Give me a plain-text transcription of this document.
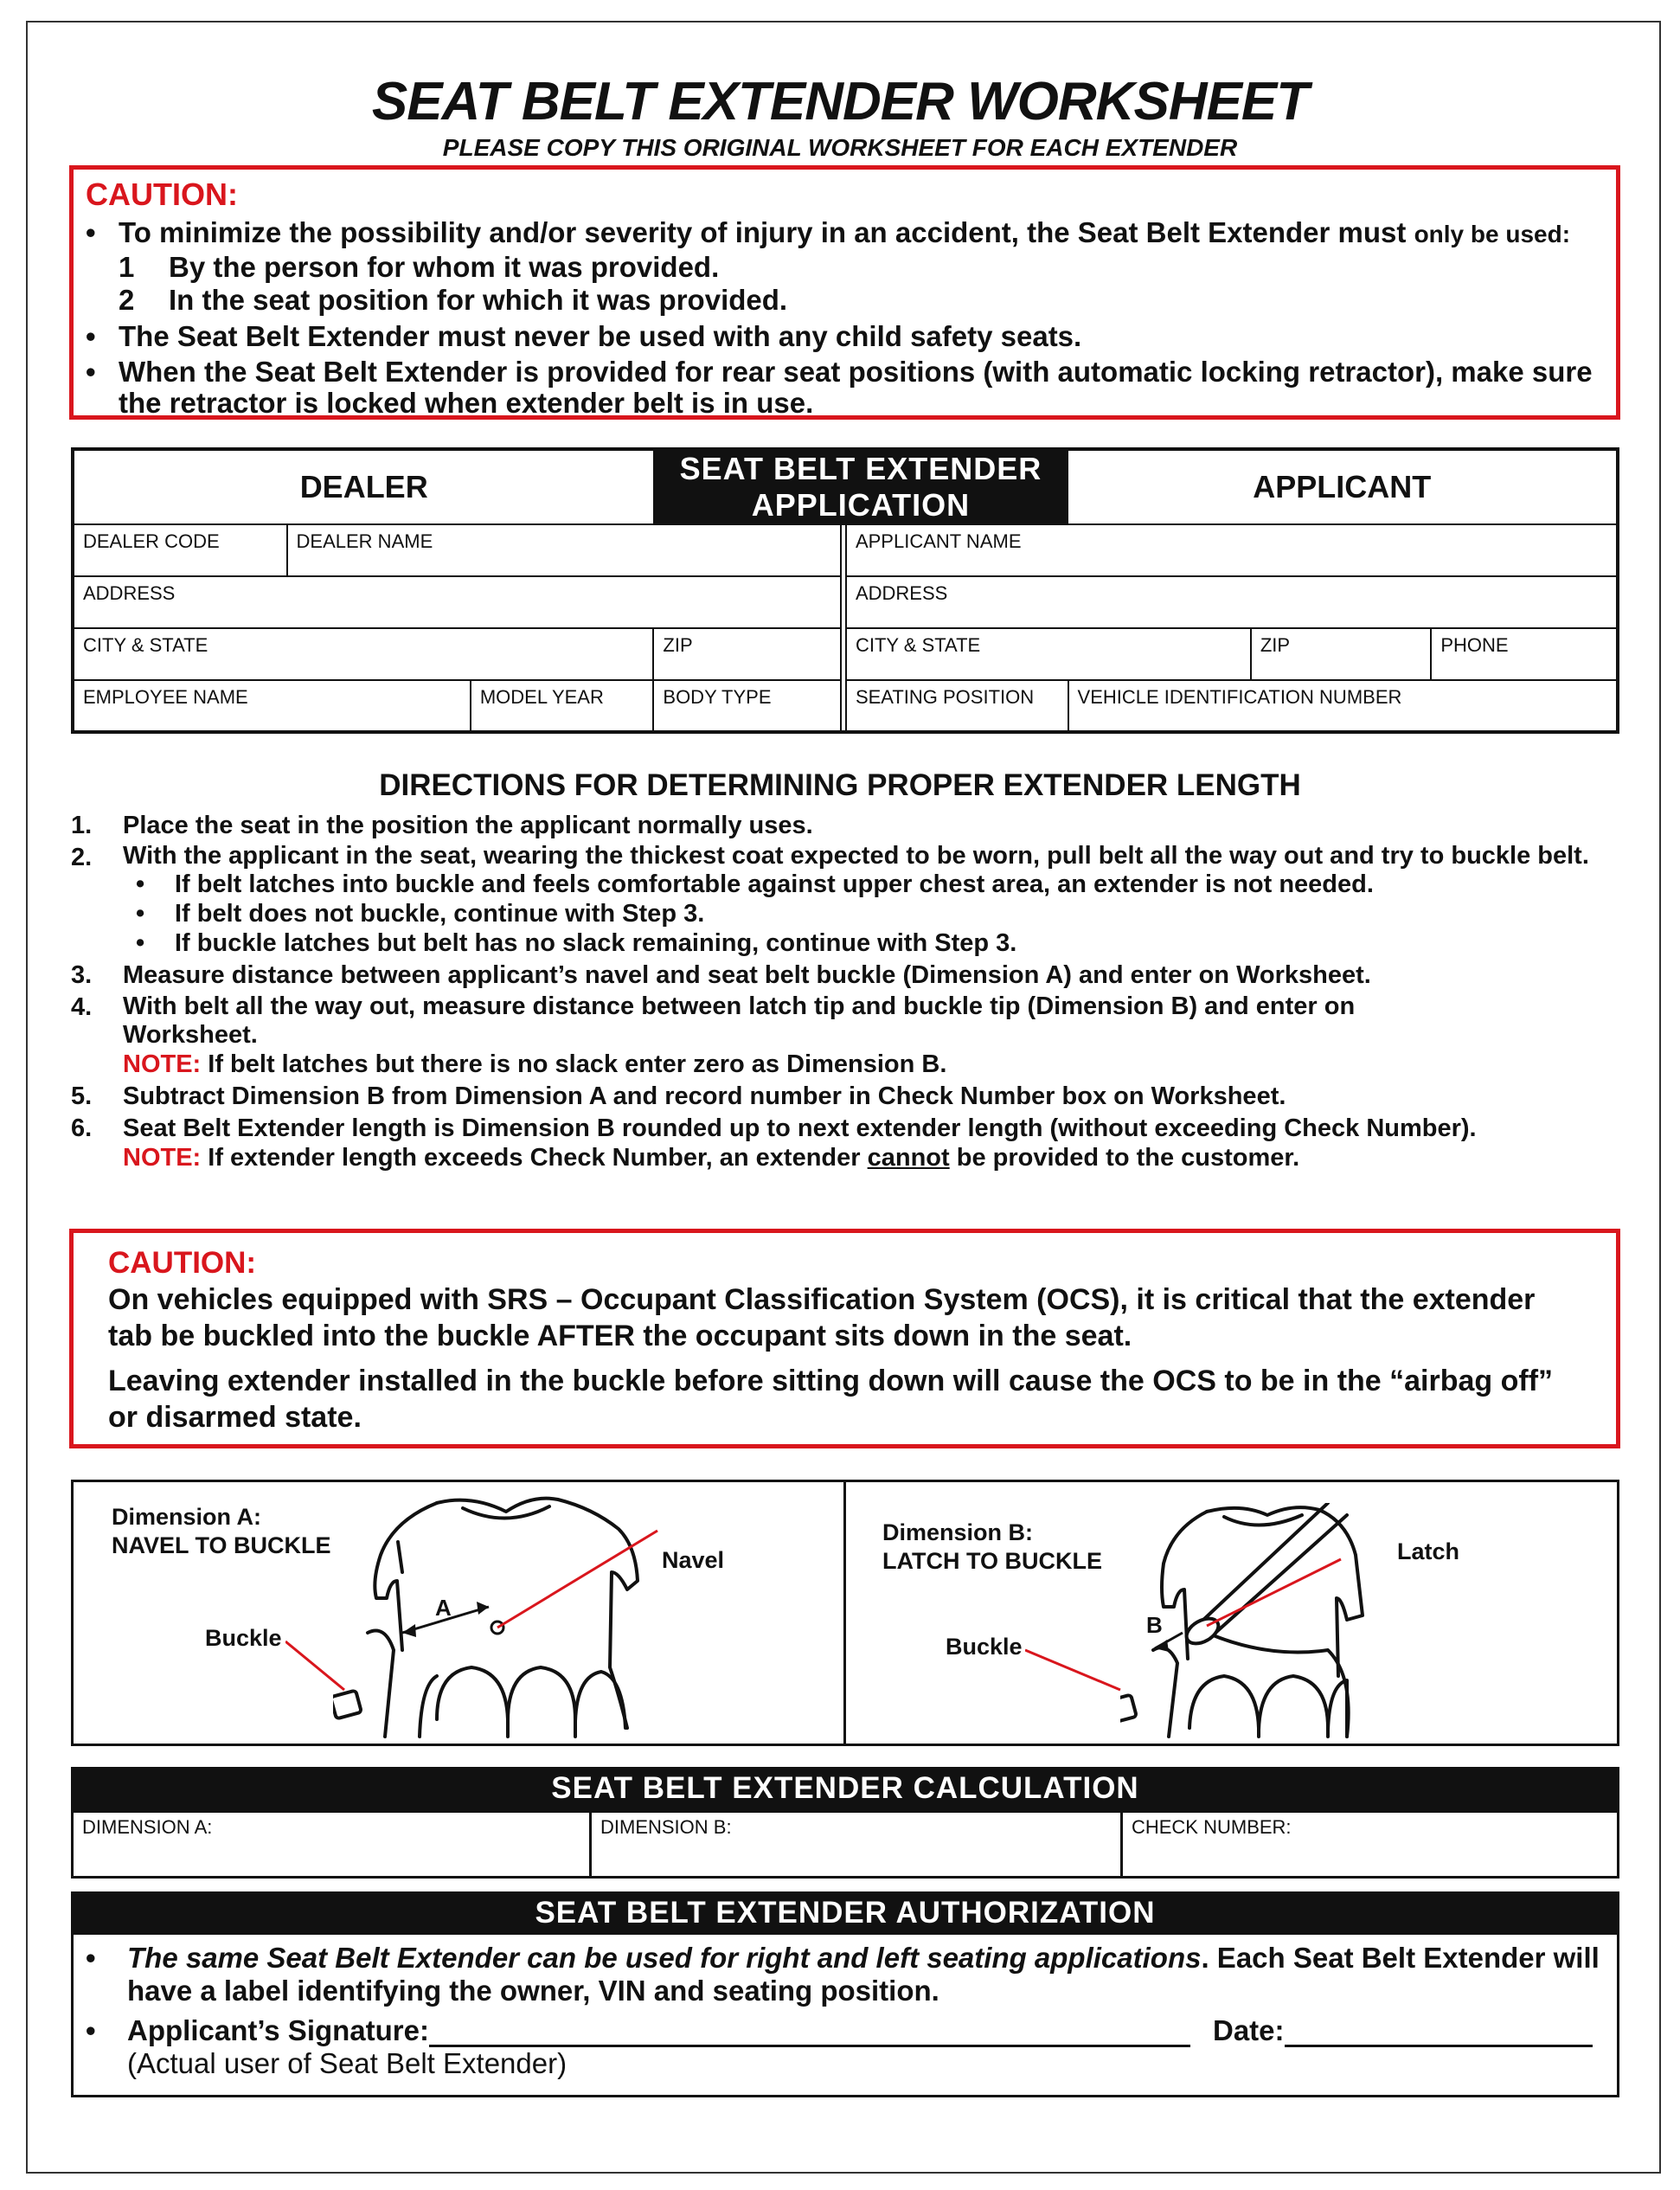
SEAT BELT EXTENDER WORKSHEET
PLEASE COPY THIS ORIGINAL WORKSHEET FOR EACH EXTENDER
CAUTION:
• To minimize the possibility and/or severity of injury in an accident, the Seat Belt Extender must only be used:
1 By the person for whom it was provided.
2 In the seat position for which it was provided.
• The Seat Belt Extender must never be used with any child safety seats.
• When the Seat Belt Extender is provided for rear seat positions (with automatic locking retractor), make sure the retractor is locked when extender belt is in use.
DEALER			SEAT BELT EXTENDER APPLICATION			APPLICANT		
DEALER CODE	DEALER NAME				APPLICANT NAME			
ADDRESS					ADDRESS			
CITY & STATE			ZIP		CITY & STATE		ZIP	PHONE
EMPLOYEE NAME		MODEL YEAR	BODY TYPE		SEATING POSITION	VEHICLE IDENTIFICATION NUMBER		
DIRECTIONS FOR DETERMINING PROPER EXTENDER LENGTH
1. Place the seat in the position the applicant normally uses.
2. With the applicant in the seat, wearing the thickest coat expected to be worn, pull belt all the way out and try to buckle belt.
• If belt latches into buckle and feels comfortable against upper chest area, an extender is not needed.
• If belt does not buckle, continue with Step 3.
• If buckle latches but belt has no slack remaining, continue with Step 3.
3. Measure distance between applicant’s navel and seat belt buckle (Dimension A) and enter on Worksheet.
4. With belt all the way out, measure distance between latch tip and buckle tip (Dimension B) and enter on Worksheet.
NOTE: If belt latches but there is no slack enter zero as Dimension B.
5. Subtract Dimension B from Dimension A and record number in Check Number box on Worksheet.
6. Seat Belt Extender length is Dimension B rounded up to next extender length (without exceeding Check Number).
NOTE: If extender length exceeds Check Number, an extender cannot be provided to the customer.
CAUTION:

On vehicles equipped with SRS – Occupant Classification System (OCS), it is critical that the extender tab be buckled into the buckle AFTER the occupant sits down in the seat.

Leaving extender installed in the buckle before sitting down will cause the OCS to be in the “airbag off” or disarmed state.

Dimension A:
NAVEL TO BUCKLE
Navel
Buckle
A
Dimension B:
LATCH TO BUCKLE	Latch
Buckle
B
SEAT BELT EXTENDER CALCULATION
DIMENSION A:	DIMENSION B:	CHECK NUMBER:
SEAT BELT EXTENDER AUTHORIZATION
• The same Seat Belt Extender can be used for right and left seating applications. Each Seat Belt Extender will have a label identifying the owner, VIN and seating position.
• Applicant’s Signature:	Date:
(Actual user of Seat Belt Extender)
